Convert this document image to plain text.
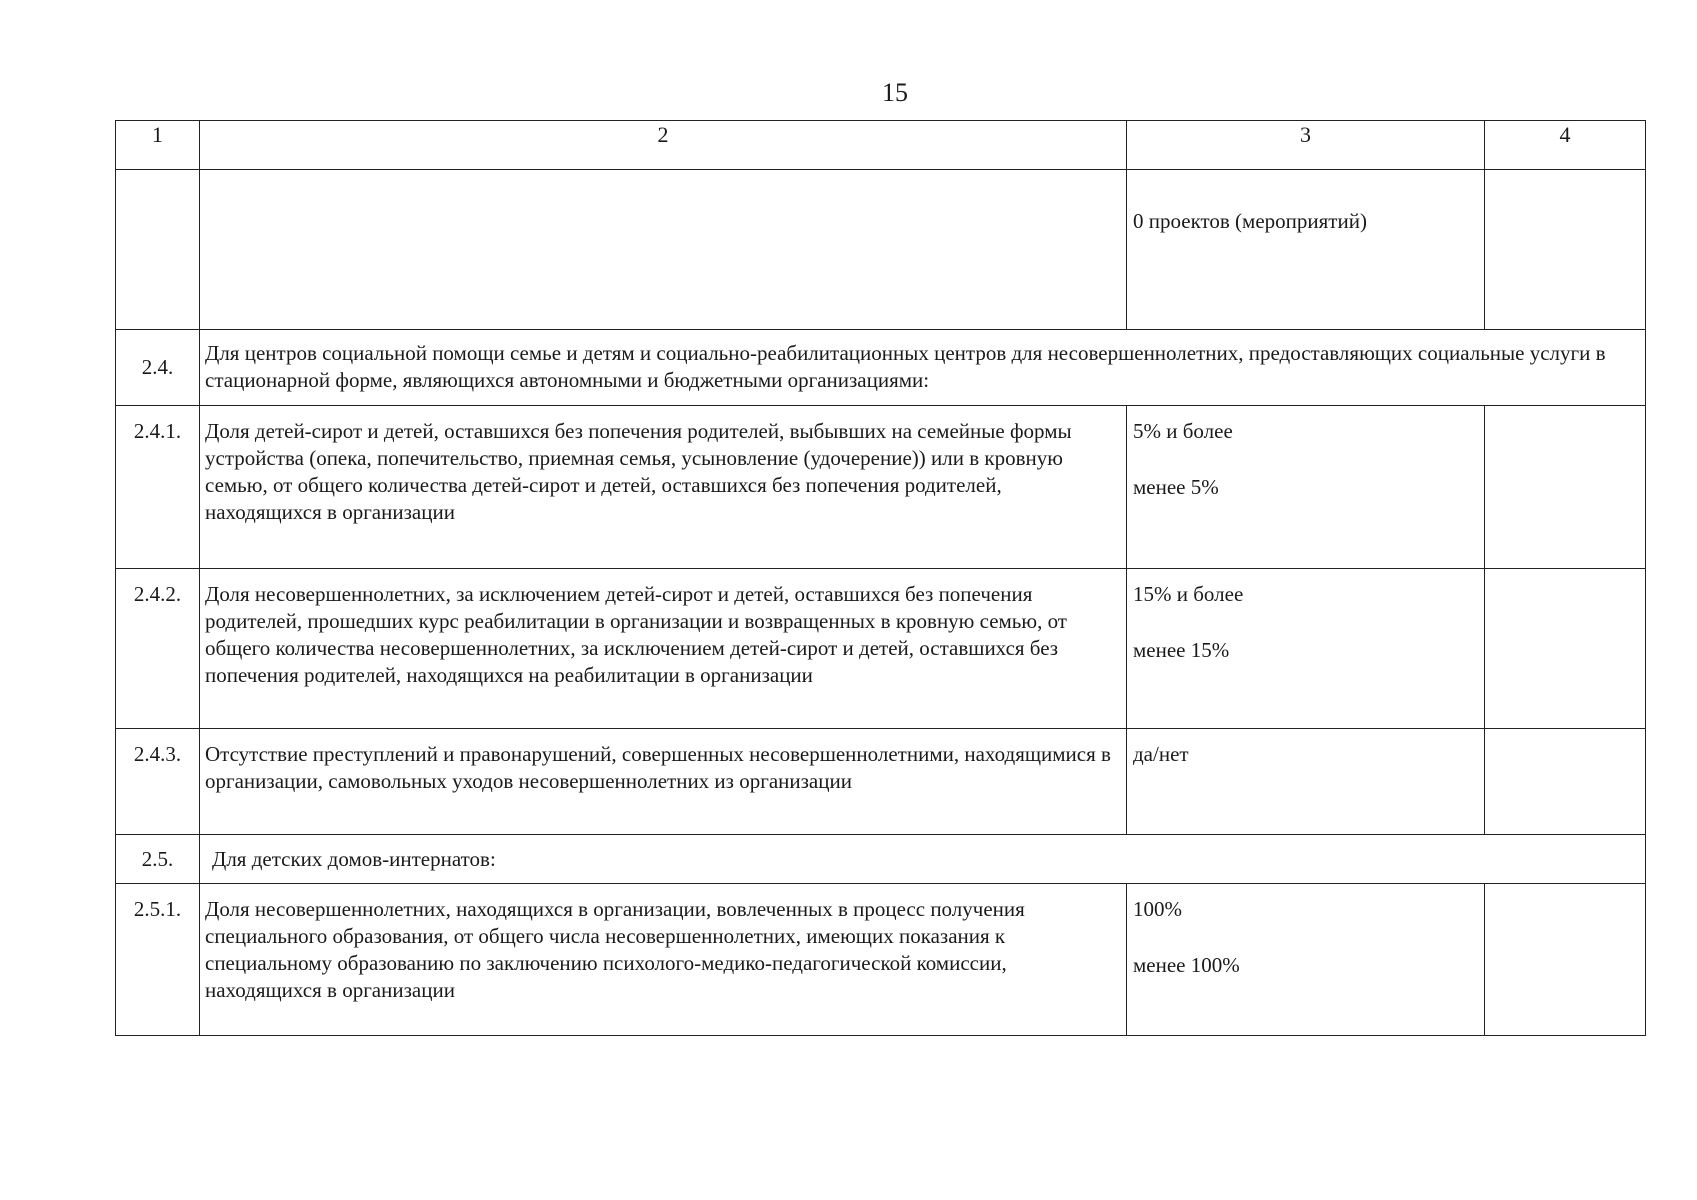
15
1	2	3	4

		0 проектов (мероприятий)	

2.4.	Для центров социальной помощи семье и детям и социально-реабилитационных центров для несовершеннолетних, предоставляющих социальные услуги в стационарной форме, являющихся автономными и бюджетными организациями:		
2.4.1.	Доля детей-сирот и детей, оставшихся без попечения родителей, выбывших на семейные формы устройства (опека, попечительство, приемная семья, усыновление (удочерение)) или в кровную семью, от общего количества детей-сирот и детей, оставшихся без попечения родителей, находящихся в организации	5% и более
менее 5%	

2.4.2.	Доля несовершеннолетних, за исключением детей-сирот и детей, оставшихся без попечения родителей, прошедших курс реабилитации в организации и возвращенных в кровную семью, от общего количества несовершеннолетних, за исключением детей-сирот и детей, оставшихся без попечения родителей, находящихся на реабилитации в организации	15% и более
менее 15%	

2.4.3.	Отсутствие преступлений и правонарушений, совершенных несовершеннолетними, находящимися в организации, самовольных уходов несовершеннолетних из организации	да/нет	

2.5.	Для детских домов-интернатов:		
2.5.1.	Доля несовершеннолетних, находящихся в организации, вовлеченных в процесс получения специального образования, от общего числа несовершеннолетних, имеющих показания к специальному образованию по заключению психолого-медико-педагогической комиссии, находящихся в организации	100%
менее 100%	
